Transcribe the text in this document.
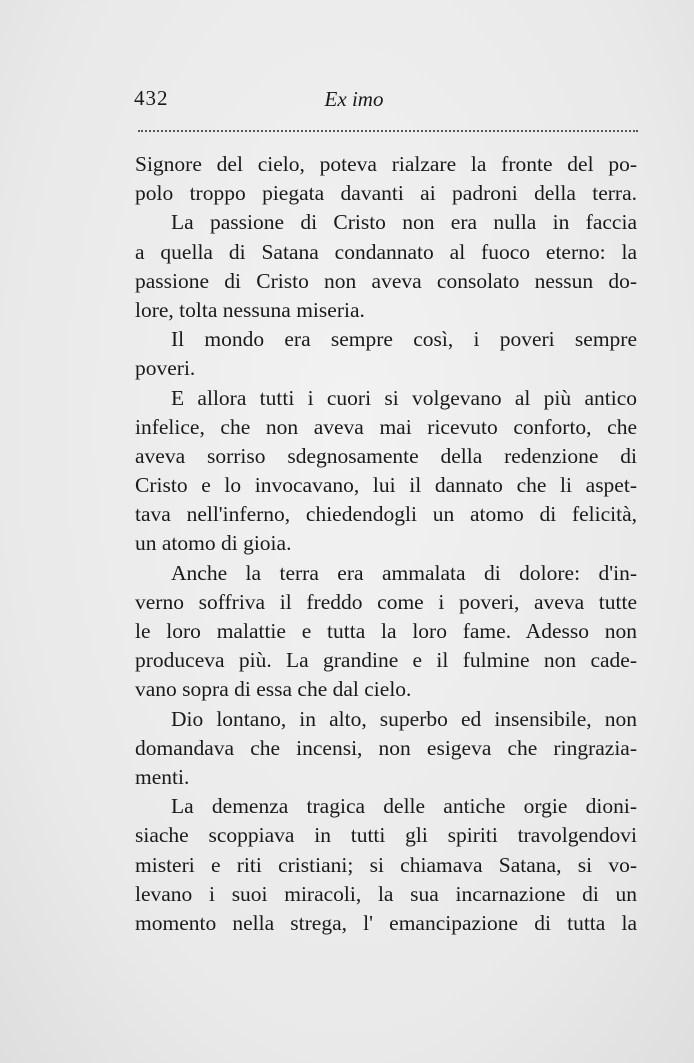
432	Ex imo
Signore del cielo, poteva rialzare la fronte del po-
polo troppo piegata davanti ai padroni della terra.
La passione di Cristo non era nulla in faccia
a quella di Satana condannato al fuoco eterno: la
passione di Cristo non aveva consolato nessun do-
lore, tolta nessuna miseria.
Il mondo era sempre così, i poveri sempre
poveri.
E allora tutti i cuori si volgevano al più antico
infelice, che non aveva mai ricevuto conforto, che
aveva sorriso sdegnosamente della redenzione di
Cristo e lo invocavano, lui il dannato che li aspet-
tava nell'inferno, chiedendogli un atomo di felicità,
un atomo di gioia.
Anche la terra era ammalata di dolore: d'in-
verno soffriva il freddo come i poveri, aveva tutte
le loro malattie e tutta la loro fame. Adesso non
produceva più. La grandine e il fulmine non cade-
vano sopra di essa che dal cielo.
Dio lontano, in alto, superbo ed insensibile, non
domandava che incensi, non esigeva che ringrazia-
menti.
La demenza tragica delle antiche orgie dioni-
siache scoppiava in tutti gli spiriti travolgendovi
misteri e riti cristiani; si chiamava Satana, si vo-
levano i suoi miracoli, la sua incarnazione di un
momento nella strega, l' emancipazione di tutta la
